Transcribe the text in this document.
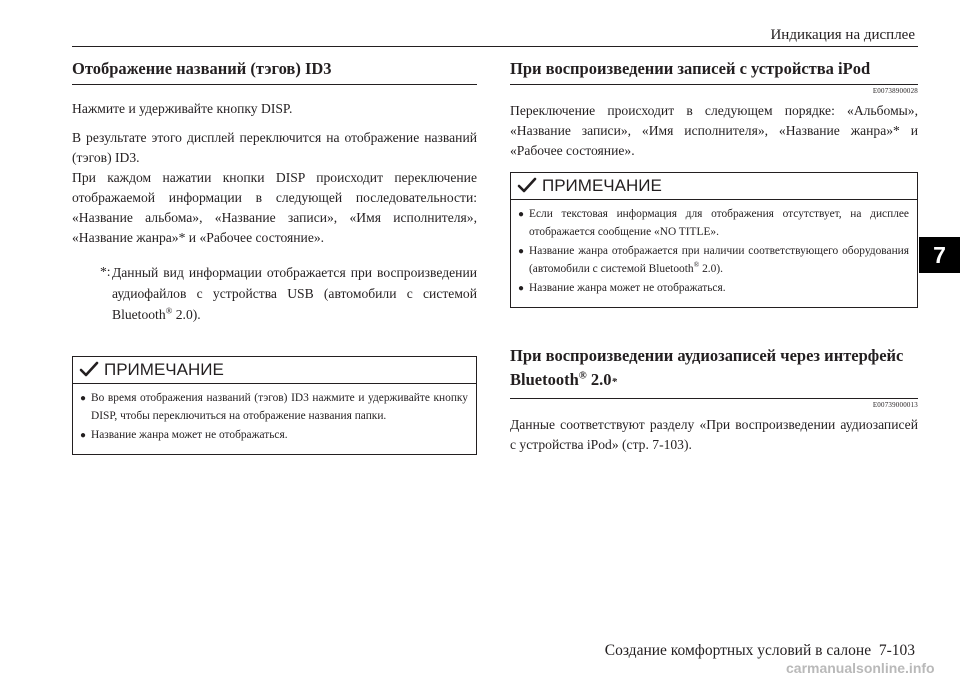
Индикация на дисплее
7
Отображение названий (тэгов) ID3

Нажмите и удерживайте кнопку DISP.

В результате этого дисплей переключится на отображение названий (тэгов) ID3.

При каждом нажатии кнопки DISP происходит переключение отображаемой информации в следующей последовательности: «Название альбома», «Название записи», «Имя исполнителя», «Название жанра»* и «Рабочее состояние».

*: Данный вид информации отображается при воспроизведении аудиофайлов с устройства USB (автомобили с системой Bluetooth® 2.0).

ПРИМЕЧАНИЕ
● Во время отображения названий (тэгов) ID3 нажмите и удерживайте кнопку DISP, чтобы переключиться на отображение названия папки.
● Название жанра может не отображаться.
При воспроизведении записей с устройства iPod
E00738900028

Переключение происходит в следующем порядке: «Альбомы», «Название записи», «Имя исполнителя», «Название жанра»* и «Рабочее состояние».

ПРИМЕЧАНИЕ
● Если текстовая информация для отображения отсутствует, на дисплее отображается сообщение «NO TITLE».
● Название жанра отображается при наличии соответствующего оборудования (автомобили с системой Bluetooth® 2.0).
● Название жанра может не отображаться.
При воспроизведении аудиозаписей через интерфейс Bluetooth® 2.0*
E00739000013

Данные соответствуют разделу «При воспроизведении аудиозаписей с устройства iPod» (стр. 7-103).

Создание комфортных условий в салоне  7-103
carmanualsonline.info
